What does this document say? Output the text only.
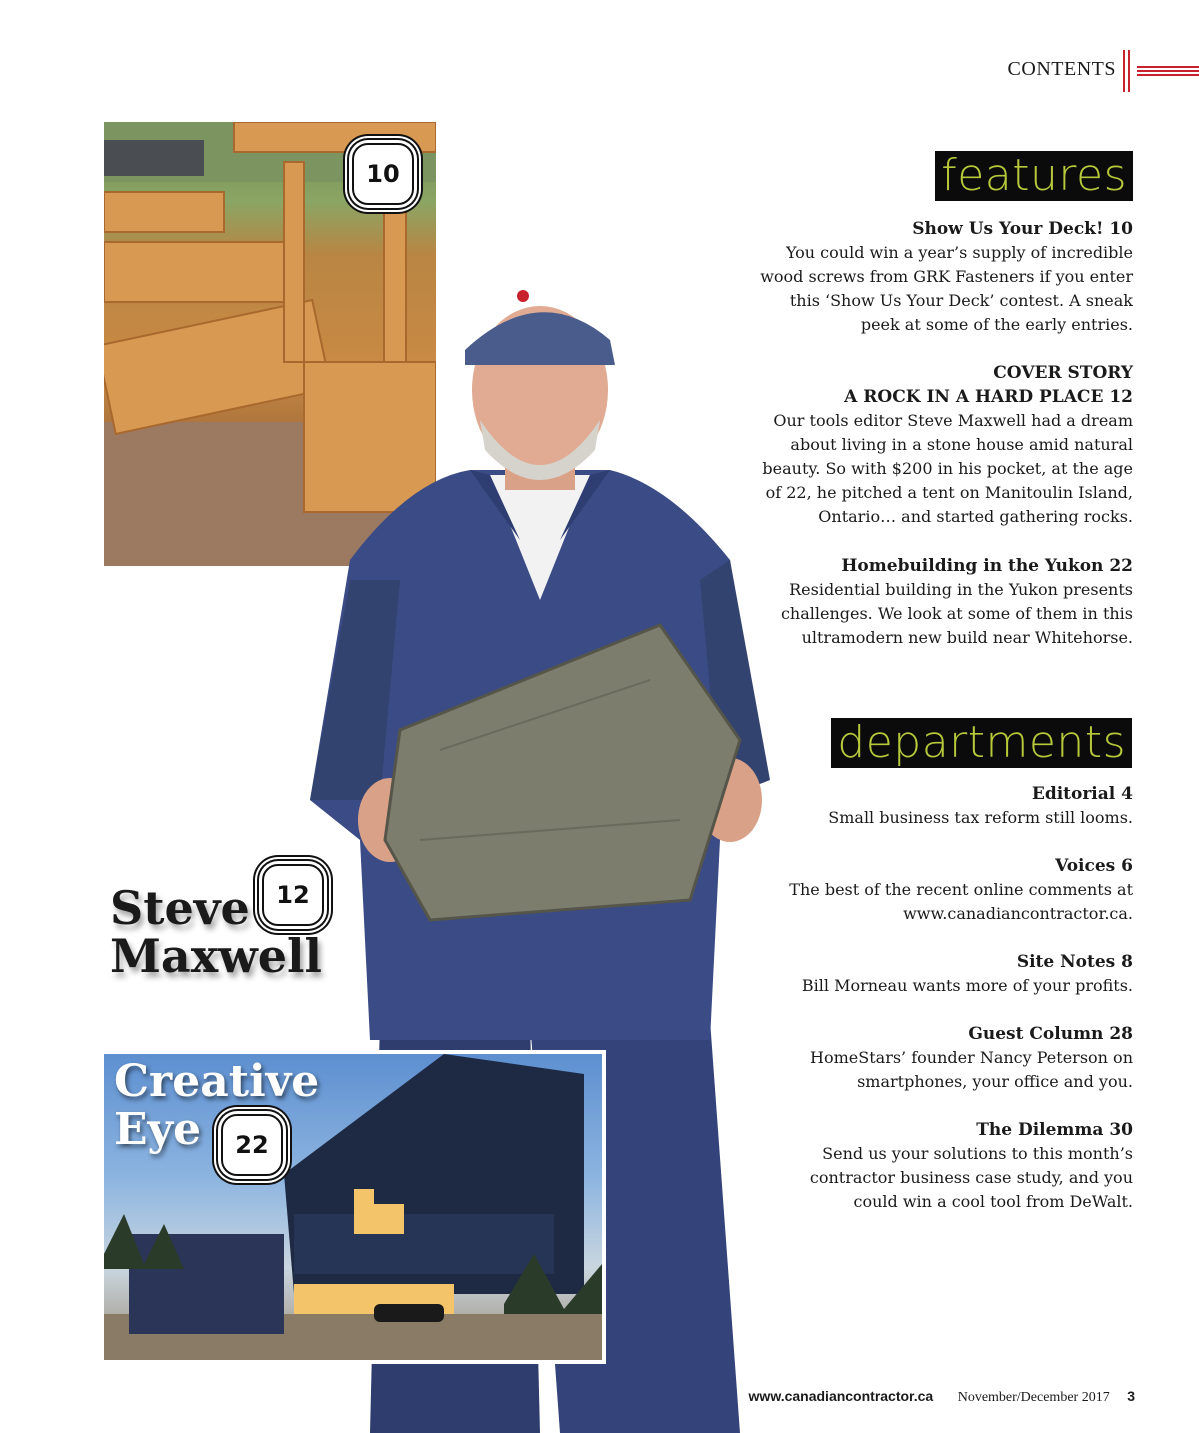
CONTENTS
10
Steve
Maxwell
12
Creative
Eye	22
features
Show Us Your Deck! 10
You could win a year’s supply of incredible
wood screws from GRK Fasteners if you enter
this ‘Show Us Your Deck’ contest. A sneak
peek at some of the early entries.
COVER STORY
A ROCK IN A HARD PLACE 12
Our tools editor Steve Maxwell had a dream
about living in a stone house amid natural
beauty. So with $200 in his pocket, at the age
of 22, he pitched a tent on Manitoulin Island,
Ontario… and started gathering rocks.
Homebuilding in the Yukon 22
Residential building in the Yukon presents
challenges. We look at some of them in this
ultramodern new build near Whitehorse.
departments
Editorial 4
Small business tax reform still looms.
Voices 6
The best of the recent online comments at
www.canadiancontractor.ca.
Site Notes 8
Bill Morneau wants more of your profits.
Guest Column 28
HomeStars’ founder Nancy Peterson on
smartphones, your office and you.
The Dilemma 30
Send us your solutions to this month’s
contractor business case study, and you
could win a cool tool from DeWalt.
www.canadiancontractor.ca November/December 2017 3
